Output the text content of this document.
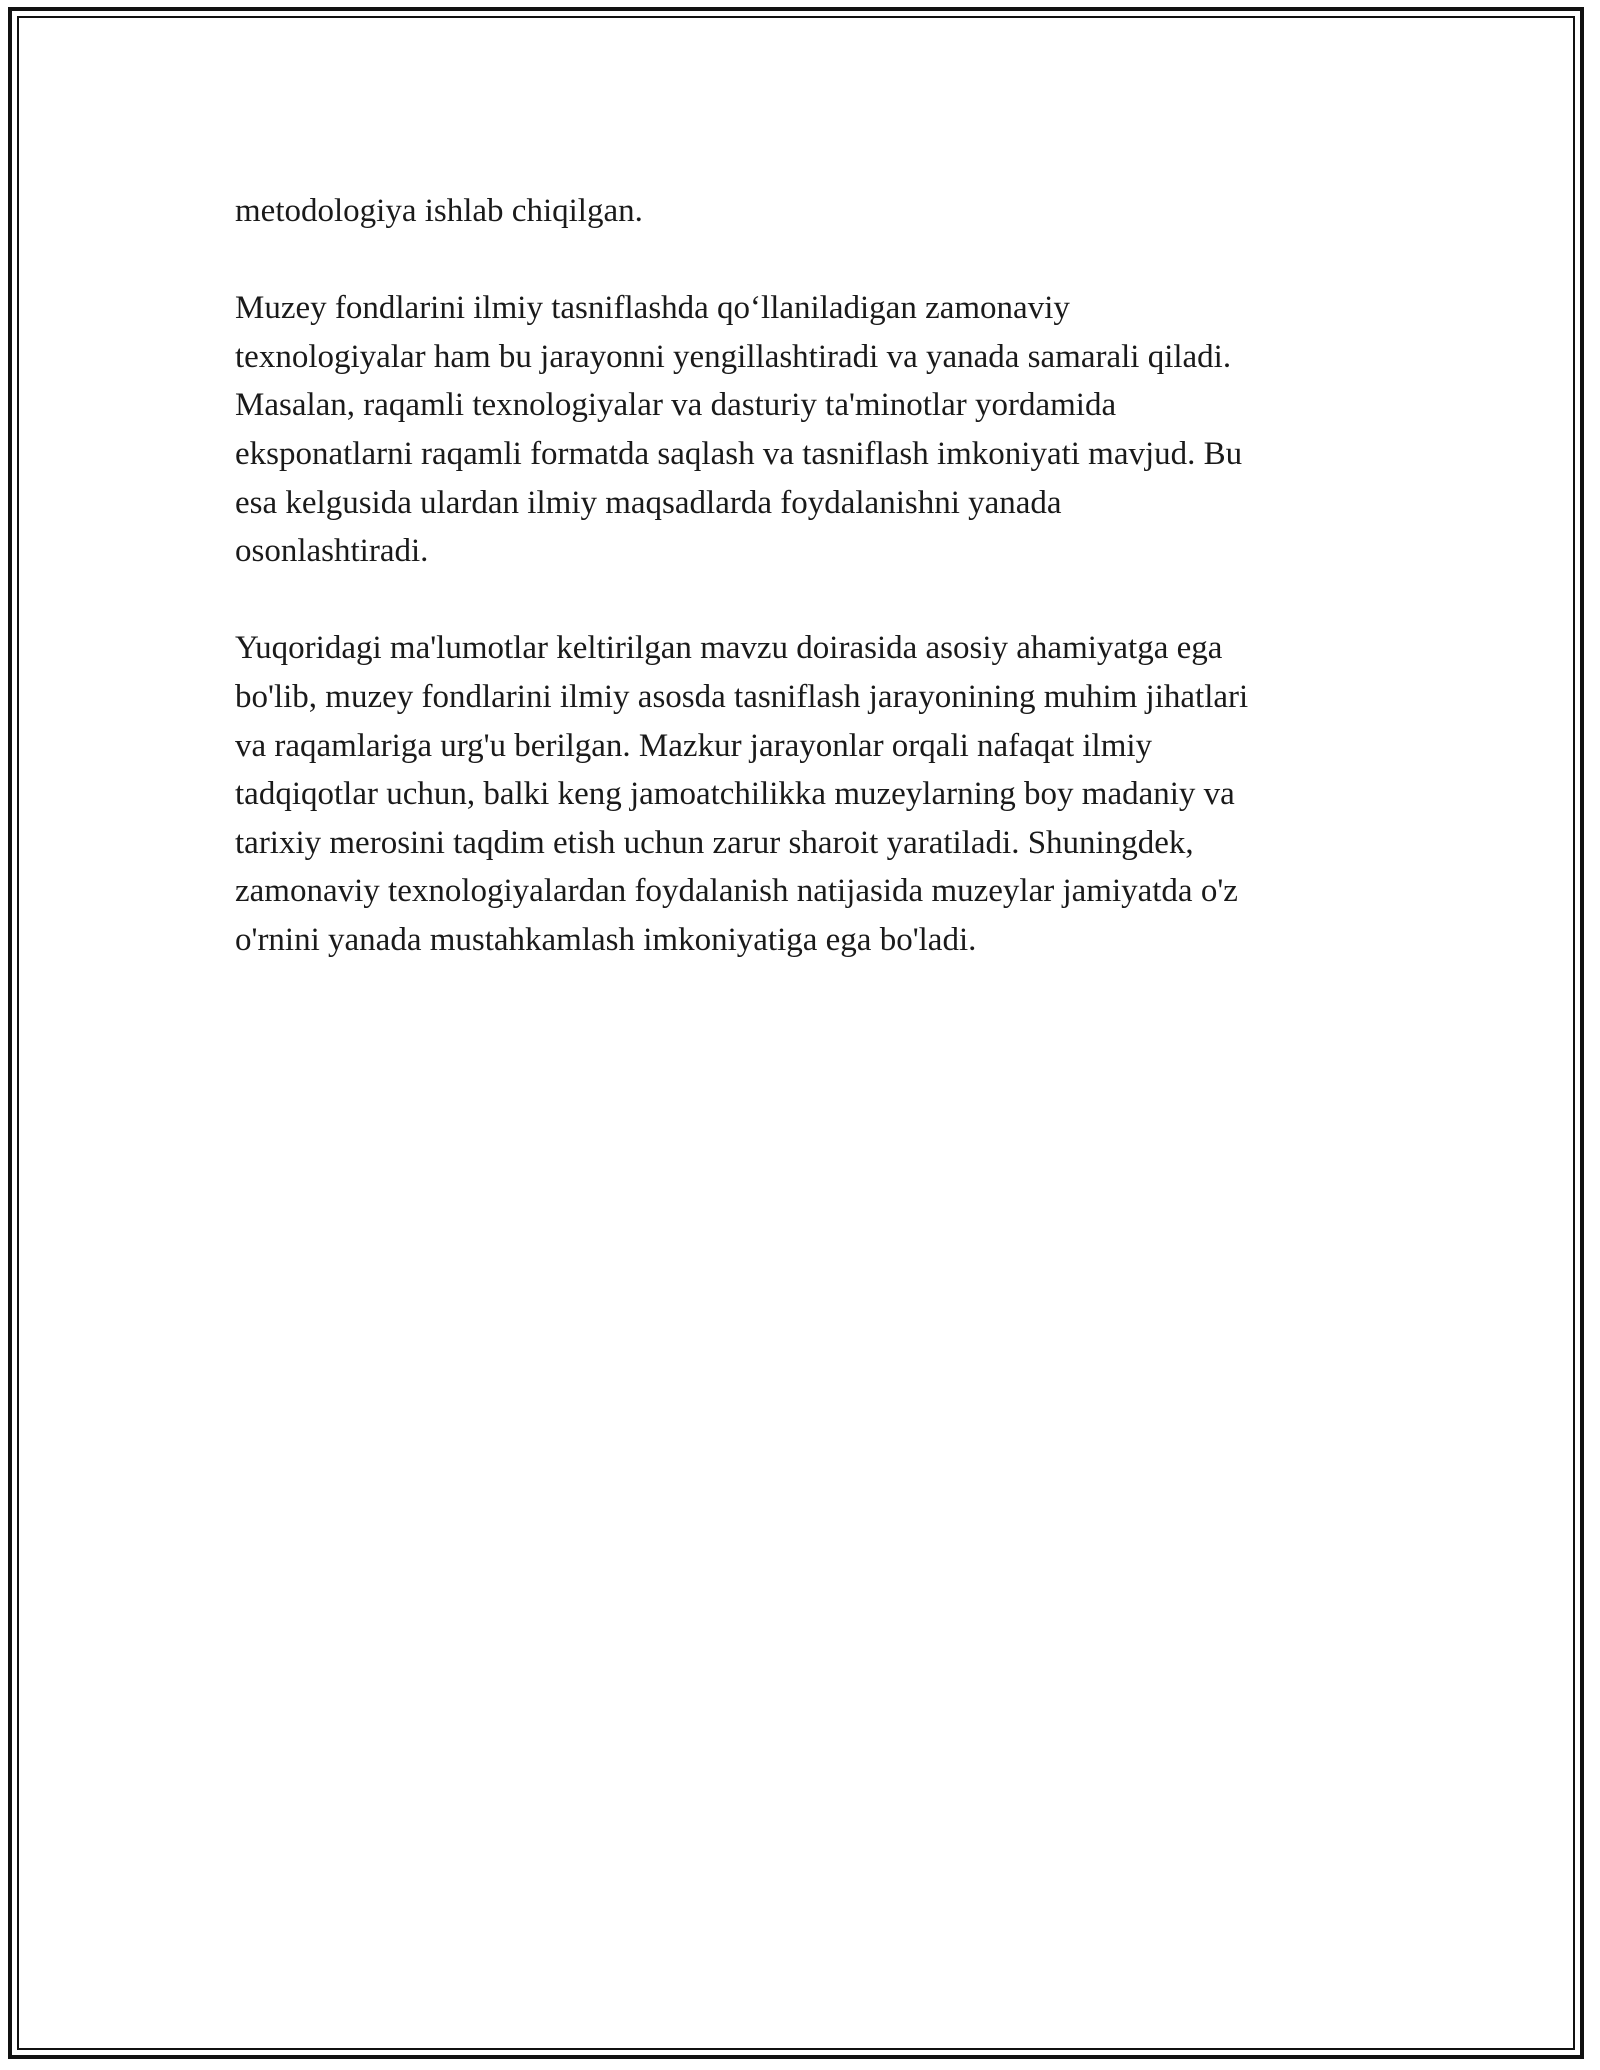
metodologiya ishlab chiqilgan.

Muzey fondlarini ilmiy tasniflashda qo‘llaniladigan zamonaviy
texnologiyalar ham bu jarayonni yengillashtiradi va yanada samarali qiladi.
Masalan, raqamli texnologiyalar va dasturiy ta'minotlar yordamida
eksponatlarni raqamli formatda saqlash va tasniflash imkoniyati mavjud. Bu
esa kelgusida ulardan ilmiy maqsadlarda foydalanishni yanada
osonlashtiradi.

Yuqoridagi ma'lumotlar keltirilgan mavzu doirasida asosiy ahamiyatga ega
bo'lib, muzey fondlarini ilmiy asosda tasniflash jarayonining muhim jihatlari
va raqamlariga urg'u berilgan. Mazkur jarayonlar orqali nafaqat ilmiy
tadqiqotlar uchun, balki keng jamoatchilikka muzeylarning boy madaniy va
tarixiy merosini taqdim etish uchun zarur sharoit yaratiladi. Shuningdek,
zamonaviy texnologiyalardan foydalanish natijasida muzeylar jamiyatda o'z
o'rnini yanada mustahkamlash imkoniyatiga ega bo'ladi.
